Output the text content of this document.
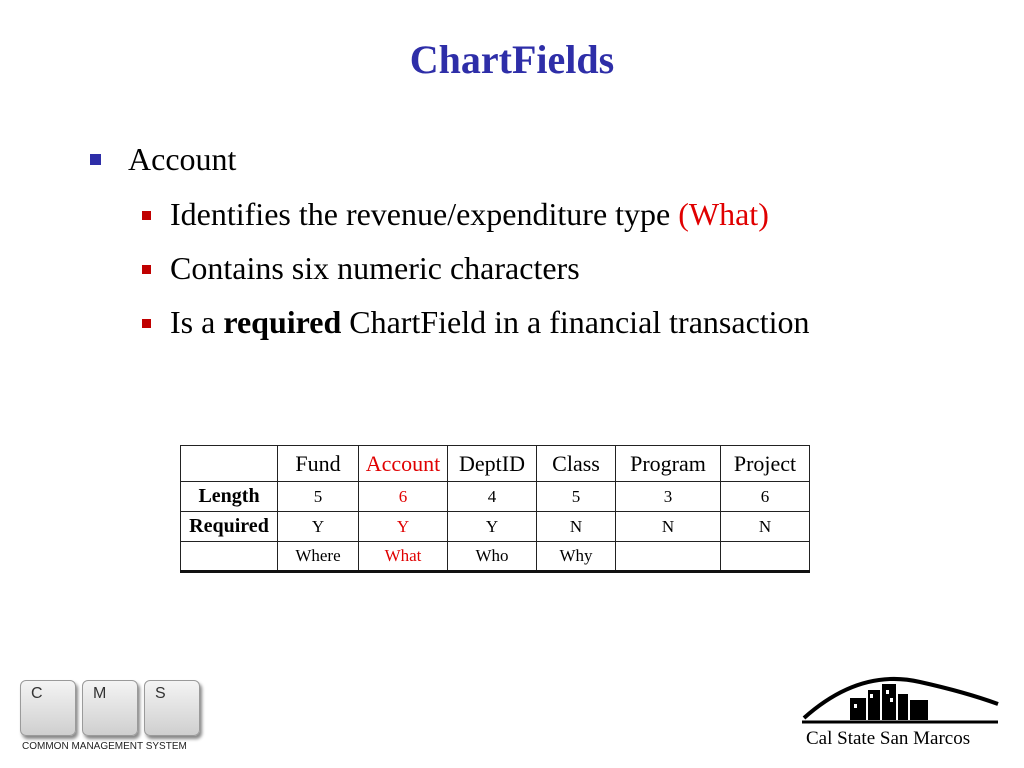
ChartFields
Account
Identifies the revenue/expenditure type (What)
Contains six numeric characters
Is a required ChartField in a financial transaction
	Fund	Account	DeptID	Class	Program	Project
Length	5	6	4	5	3	6
Required	Y	Y	Y	N	N	N
	Where	What	Who	Why		
C	M	S
COMMON MANAGEMENT SYSTEM	Cal State San Marcos
